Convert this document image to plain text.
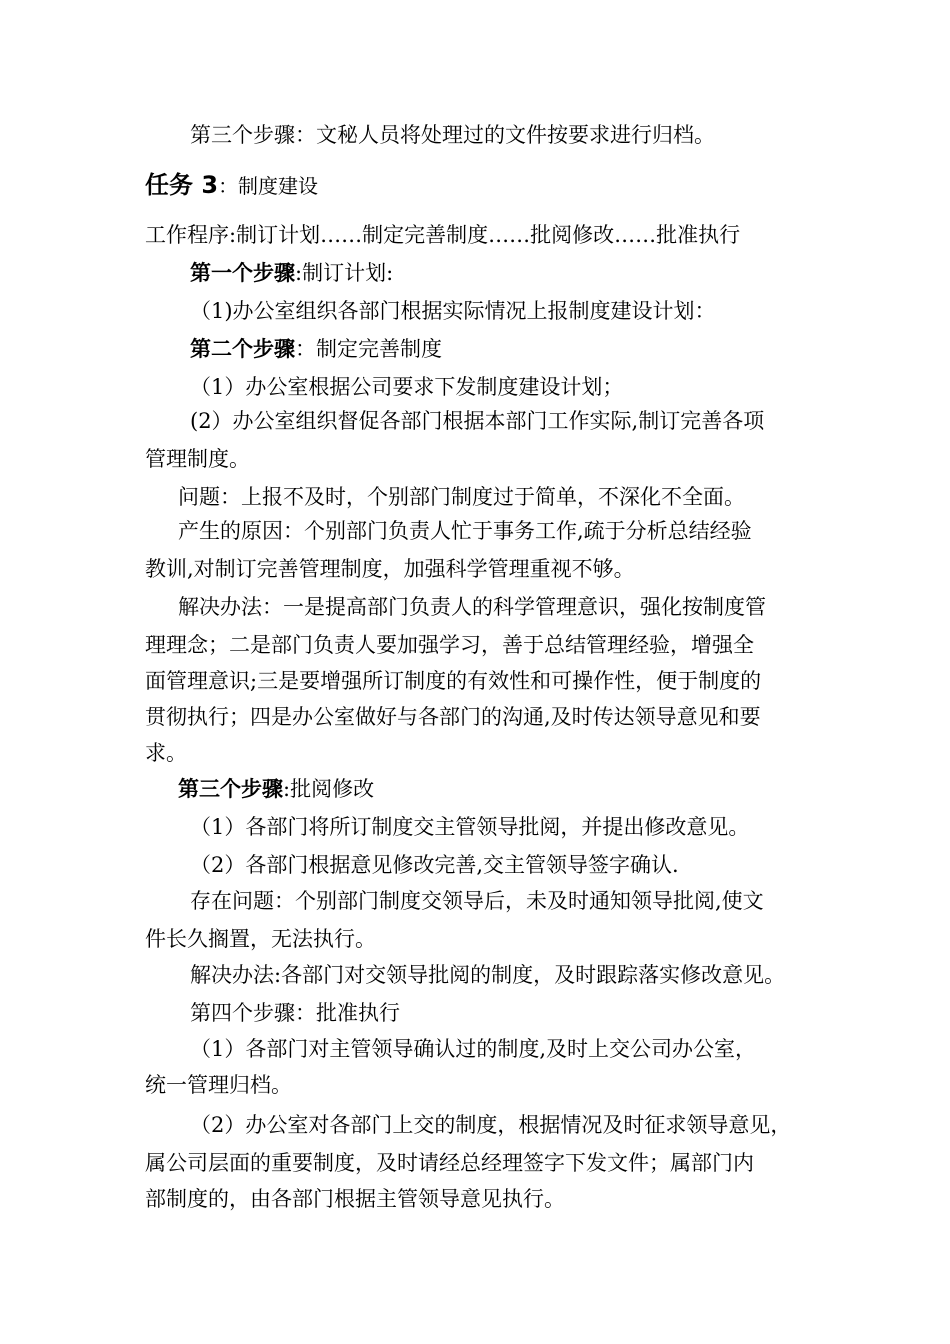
第三个步骤：文秘人员将处理过的文件按要求进行归档。
任务 3：制度建设
工作程序:制订计划……制定完善制度……批阅修改……批准执行
第一个步骤:制订计划:
（1)办公室组织各部门根据实际情况上报制度建设计划：
第二个步骤：制定完善制度
（1）办公室根据公司要求下发制度建设计划；
(2）办公室组织督促各部门根据本部门工作实际,制订完善各项
管理制度。
问题：上报不及时，个别部门制度过于简单，不深化不全面。
产生的原因：个别部门负责人忙于事务工作,疏于分析总结经验
教训,对制订完善管理制度，加强科学管理重视不够。
解决办法：一是提高部门负责人的科学管理意识，强化按制度管
理理念；二是部门负责人要加强学习，善于总结管理经验，增强全
面管理意识;三是要增强所订制度的有效性和可操作性，便于制度的
贯彻执行；四是办公室做好与各部门的沟通,及时传达领导意见和要
求。
第三个步骤:批阅修改
（1）各部门将所订制度交主管领导批阅，并提出修改意见。
（2）各部门根据意见修改完善,交主管领导签字确认.
存在问题：个别部门制度交领导后，未及时通知领导批阅,使文
件长久搁置，无法执行。
解决办法:各部门对交领导批阅的制度，及时跟踪落实修改意见。
第四个步骤：批准执行
（1）各部门对主管领导确认过的制度,及时上交公司办公室，
统一管理归档。
（2）办公室对各部门上交的制度，根据情况及时征求领导意见，
属公司层面的重要制度，及时请经总经理签字下发文件；属部门内
部制度的，由各部门根据主管领导意见执行。
